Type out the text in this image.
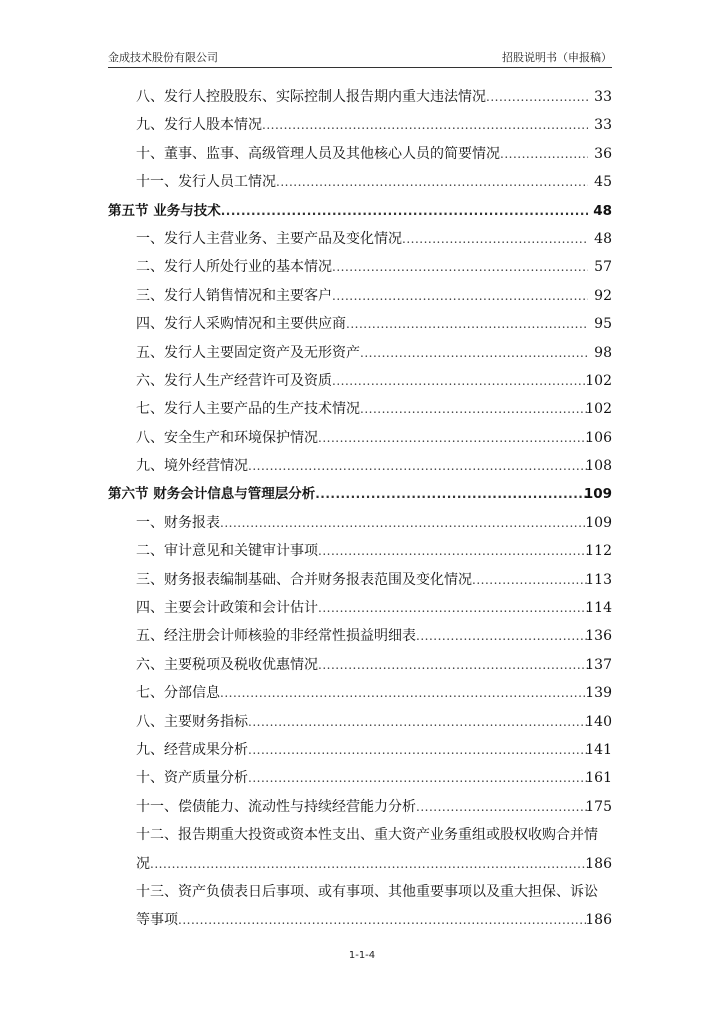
金成技术股份有限公司	招股说明书（申报稿）
八、发行人控股股东、实际控制人报告期内重大违法情况 .....	33
九、发行人股本情况 .....	33
十、董事、监事、高级管理人员及其他核心人员的简要情况 .....	36
十一、发行人员工情况 .....	45
第五节 业务与技术 .....	48
一、发行人主营业务、主要产品及变化情况 .....	48
二、发行人所处行业的基本情况 .....	57
三、发行人销售情况和主要客户 .....	92
四、发行人采购情况和主要供应商 .....	95
五、发行人主要固定资产及无形资产 .....	98
六、发行人生产经营许可及资质 .....	102
七、发行人主要产品的生产技术情况 .....	102
八、安全生产和环境保护情况 .....	106
九、境外经营情况 .....	108
第六节 财务会计信息与管理层分析 .....	109
一、财务报表 .....	109
二、审计意见和关键审计事项 .....	112
三、财务报表编制基础、合并财务报表范围及变化情况 .....	113
四、主要会计政策和会计估计 .....	114
五、经注册会计师核验的非经常性损益明细表 .....	136
六、主要税项及税收优惠情况 .....	137
七、分部信息 .....	139
八、主要财务指标 .....	140
九、经营成果分析 .....	141
十、资产质量分析 .....	161
十一、偿债能力、流动性与持续经营能力分析 .....	175
十二、报告期重大投资或资本性支出、重大资产业务重组或股权收购合并情
况 .....	186
十三、资产负债表日后事项、或有事项、其他重要事项以及重大担保、诉讼
等事项 .....	186
1-1-4
